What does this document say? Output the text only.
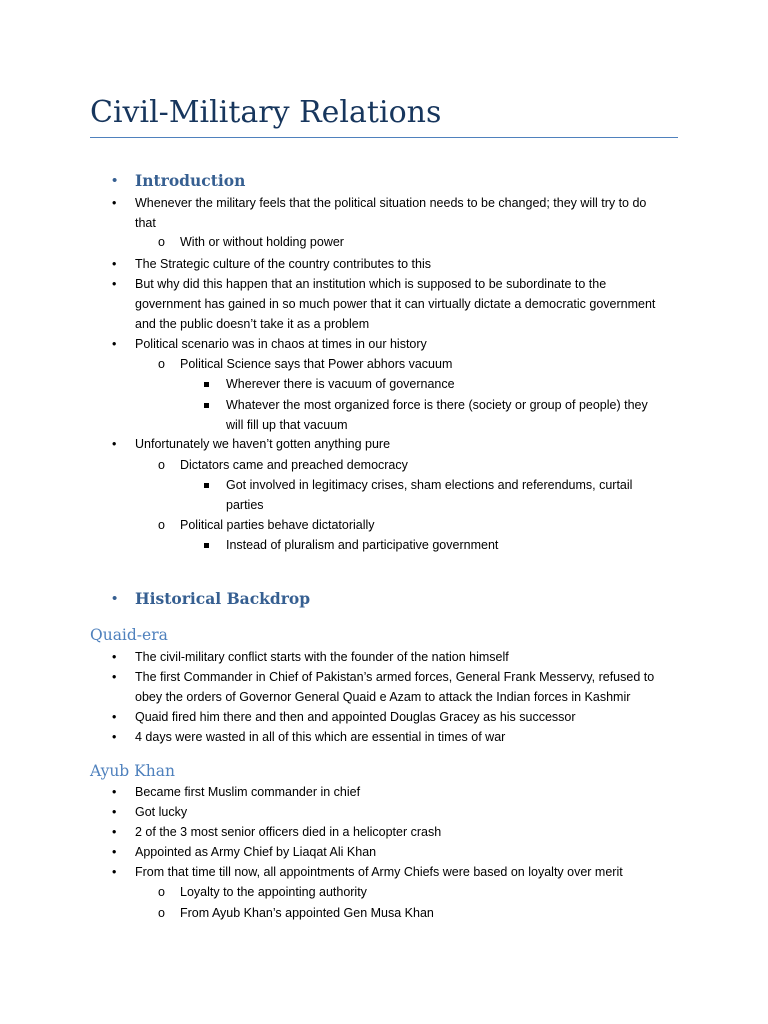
Civil-Military Relations
• Introduction
• Whenever the military feels that the political situation needs to be changed; they will try to do
that
o With or without holding power
• The Strategic culture of the country contributes to this
• But why did this happen that an institution which is supposed to be subordinate to the
government has gained in so much power that it can virtually dictate a democratic government
and the public doesn’t take it as a problem
• Political scenario was in chaos at times in our history
o Political Science says that Power abhors vacuum
Wherever there is vacuum of governance
Whatever the most organized force is there (society or group of people) they
will fill up that vacuum
• Unfortunately we haven’t gotten anything pure
o Dictators came and preached democracy
Got involved in legitimacy crises, sham elections and referendums, curtail
parties
o Political parties behave dictatorially
Instead of pluralism and participative government
• Historical Backdrop
Quaid-era
• The civil-military conflict starts with the founder of the nation himself
• The first Commander in Chief of Pakistan’s armed forces, General Frank Messervy, refused to
obey the orders of Governor General Quaid e Azam to attack the Indian forces in Kashmir
• Quaid fired him there and then and appointed Douglas Gracey as his successor
• 4 days were wasted in all of this which are essential in times of war
Ayub Khan
• Became first Muslim commander in chief
• Got lucky
• 2 of the 3 most senior officers died in a helicopter crash
• Appointed as Army Chief by Liaqat Ali Khan
• From that time till now, all appointments of Army Chiefs were based on loyalty over merit
o Loyalty to the appointing authority
o From Ayub Khan’s appointed Gen Musa Khan
